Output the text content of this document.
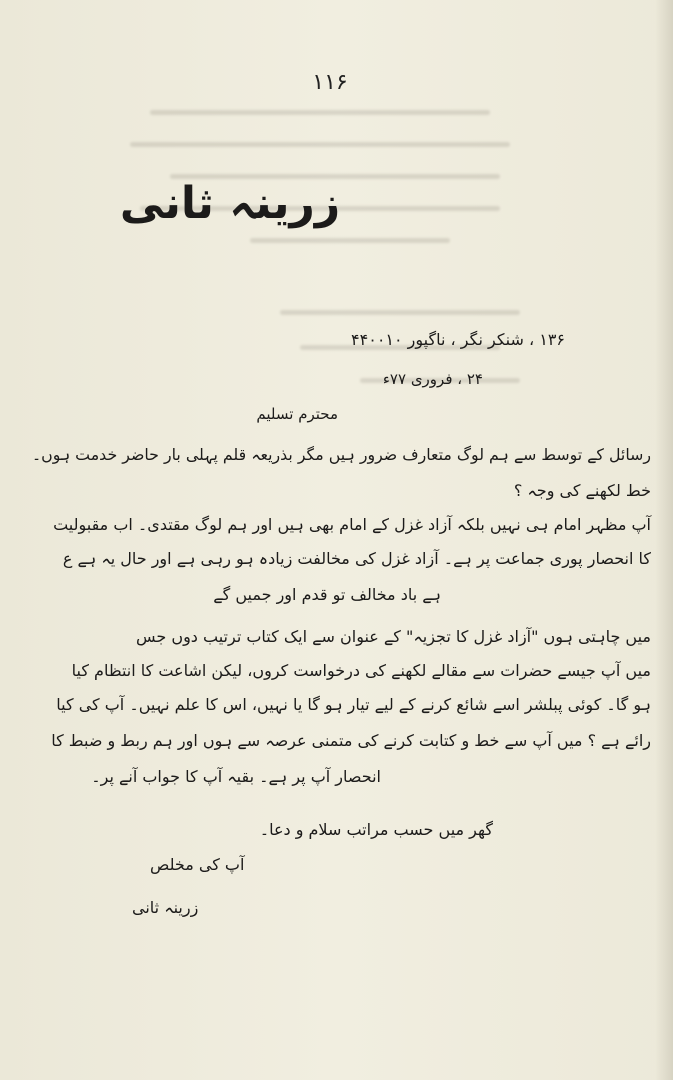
۱۱۶
زرینہ ثانی
۱۳۶ ، شنکر نگر ، ناگپور ۴۴۰۰۱۰
۲۴ ، فروری ۷۷ء
محترم تسلیم
رسائل کے توسط سے ہم لوگ متعارف ضرور ہیں مگر بذریعہ قلم پہلی بار حاضر خدمت ہوں۔
خط لکھنے کی وجہ ؟
آپ مظہر امام ہی نہیں بلکہ آزاد غزل کے امام بھی ہیں اور ہم لوگ مقتدی۔ اب مقبولیت
کا انحصار پوری جماعت پر ہے۔ آزاد غزل کی مخالفت زیادہ ہو رہی ہے اور حال یہ ہے ع
ہے باد مخالف تو قدم اور جمیں گے
میں چاہتی ہوں "آزاد غزل کا تجزیہ" کے عنوان سے ایک کتاب ترتیب دوں جس
میں آپ جیسے حضرات سے مقالے لکھنے کی درخواست کروں، لیکن اشاعت کا انتظام کیا
ہو گا۔ کوئی پبلشر اسے شائع کرنے کے لیے تیار ہو گا یا نہیں، اس کا علم نہیں۔ آپ کی کیا
رائے ہے ؟ میں آپ سے خط و کتابت کرنے کی متمنی عرصہ سے ہوں اور ہم ربط و ضبط کا
انحصار آپ پر ہے۔ بقیہ آپ کا جواب آنے پر۔
گھر میں حسب مراتب سلام و دعا۔
آپ کی مخلص
زرینہ ثانی
